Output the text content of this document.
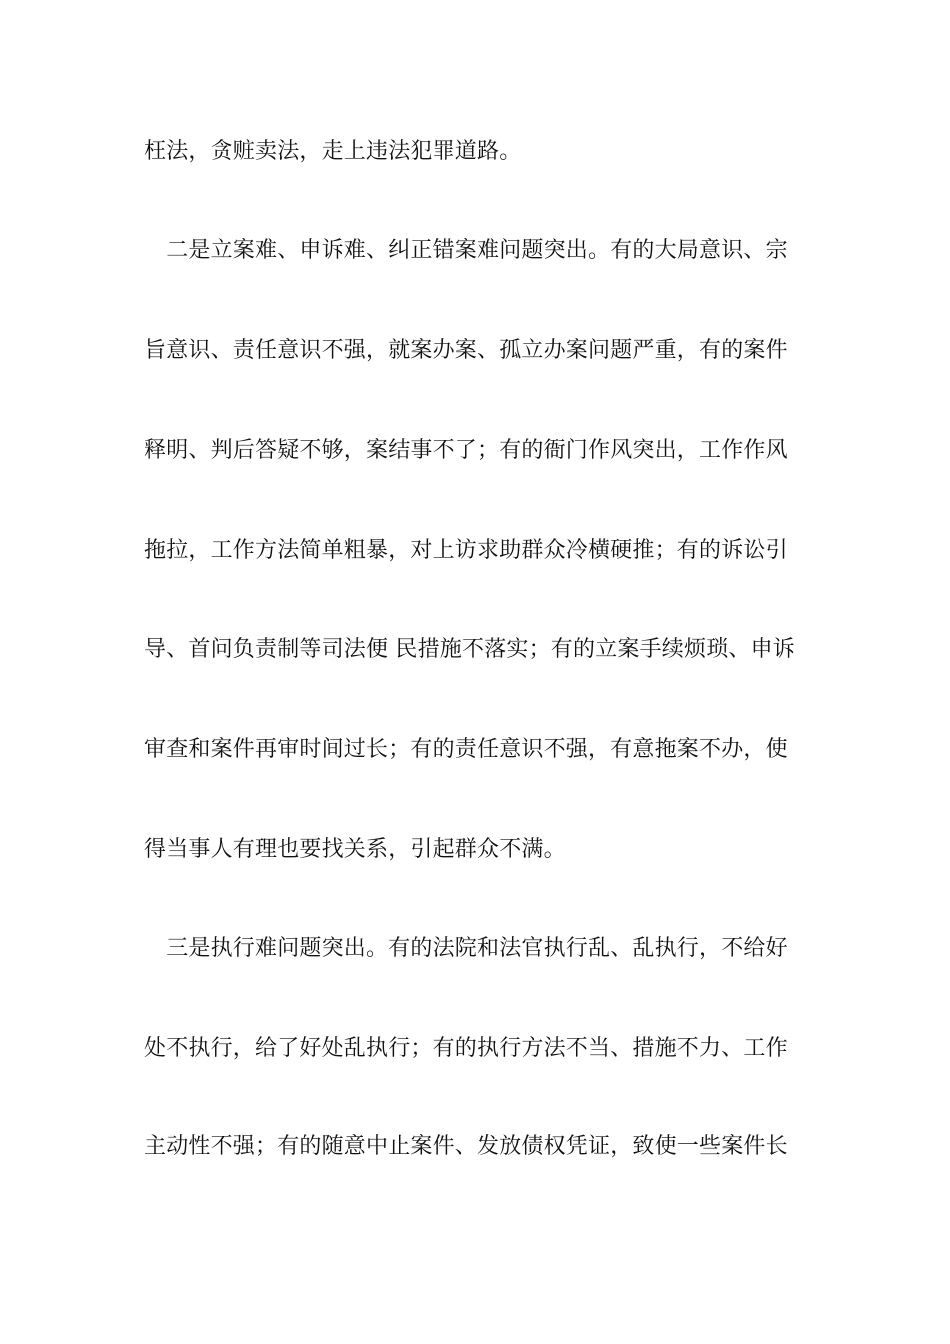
枉法，贪赃卖法，走上违法犯罪道路。
　二是立案难、申诉难、纠正错案难问题突出。有的大局意识、宗
旨意识、责任意识不强，就案办案、孤立办案问题严重，有的案件
释明、判后答疑不够，案结事不了；有的衙门作风突出，工作作风
拖拉，工作方法简单粗暴，对上访求助群众冷横硬推；有的诉讼引
导、首问负责制等司法便 民措施不落实；有的立案手续烦琐、申诉
审查和案件再审时间过长；有的责任意识不强，有意拖案不办，使
得当事人有理也要找关系，引起群众不满。
　三是执行难问题突出。有的法院和法官执行乱、乱执行，不给好
处不执行，给了好处乱执行；有的执行方法不当、措施不力、工作
主动性不强；有的随意中止案件、发放债权凭证，致使一些案件长
